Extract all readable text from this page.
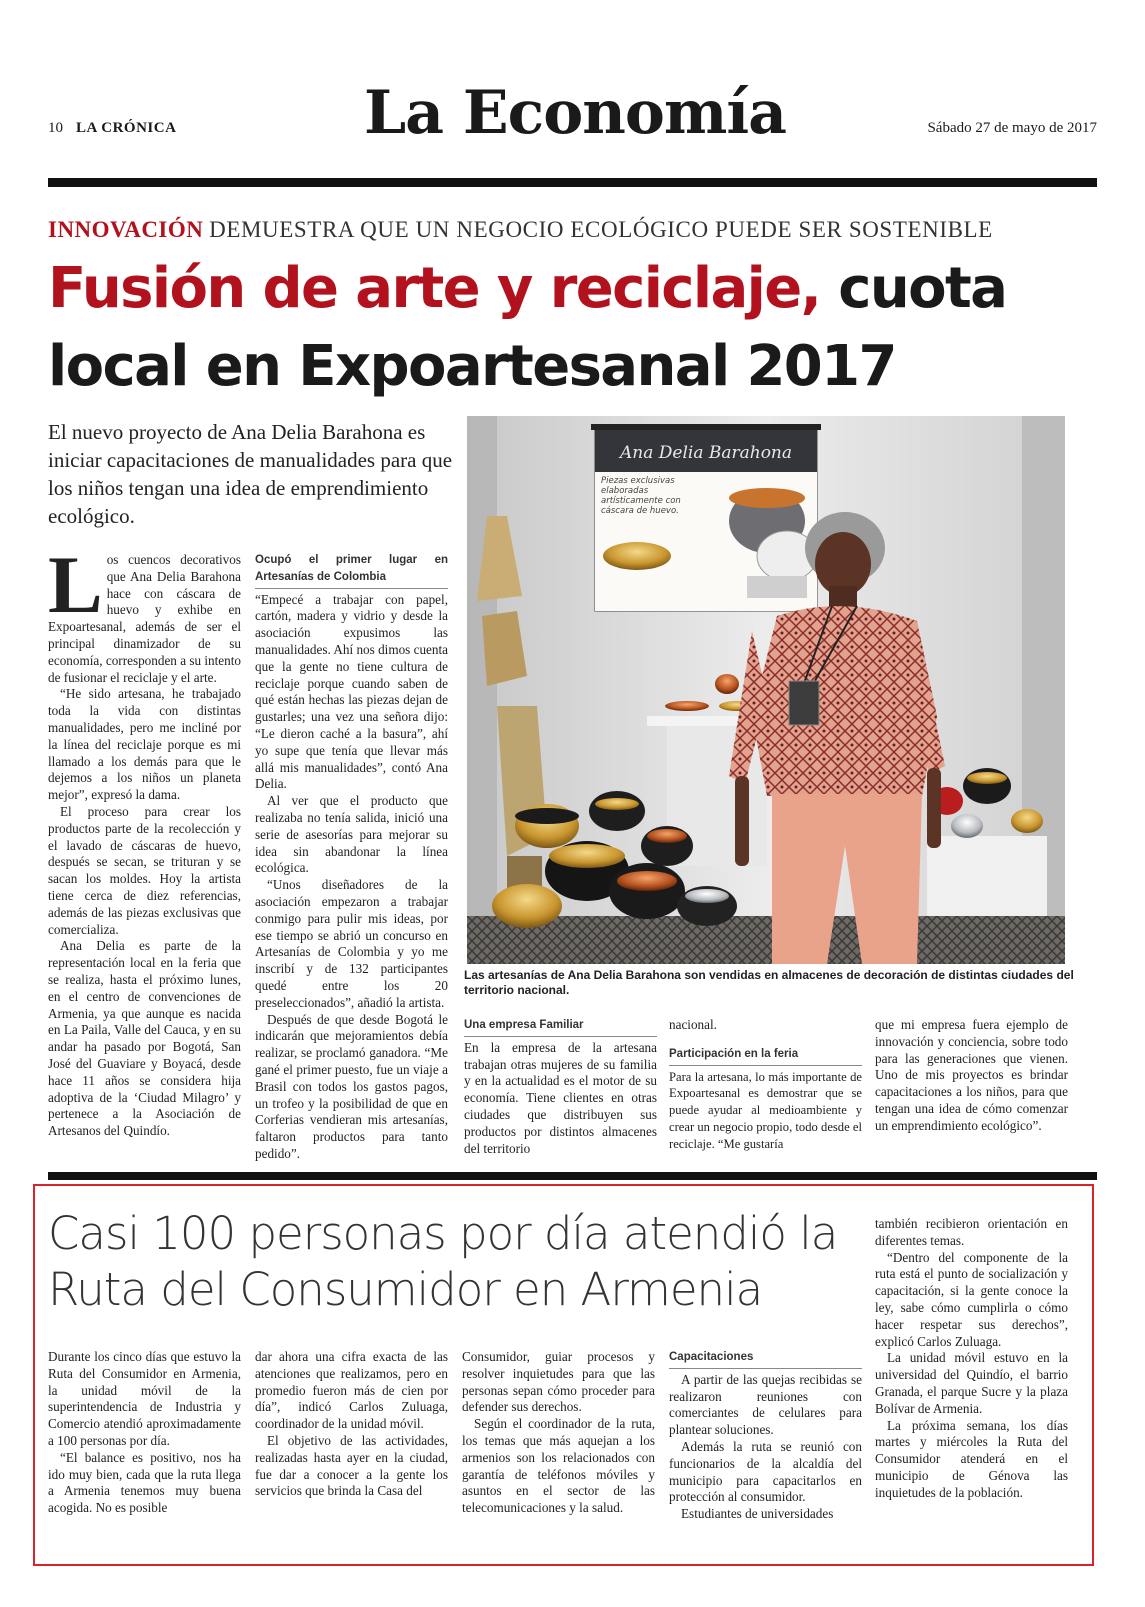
10 LA CRÓNICA	La Economía	Sábado 27 de mayo de 2017
INNOVACIÓN DEMUESTRA QUE UN NEGOCIO ECOLÓGICO PUEDE SER SOSTENIBLE
Fusión de arte y reciclaje, cuota
local en Expoartesanal 2017
El nuevo proyecto de Ana Delia Barahona es iniciar capacitaciones de manualidades para que los niños tengan una idea de emprendimiento ecológico.

Los cuencos decorativos que Ana Delia Barahona hace con cáscara de huevo y exhibe en Expoartesanal, además de ser el principal dinamizador de su economía, corresponden a su intento de fusionar el reciclaje y el arte.

“He sido artesana, he trabajado toda la vida con distintas manualidades, pero me incliné por la línea del reciclaje porque es mi llamado a los demás para que le dejemos a los niños un planeta mejor”, expresó la dama.

El proceso para crear los productos parte de la recolección y el lavado de cáscaras de huevo, después se secan, se trituran y se sacan los moldes. Hoy la artista tiene cerca de diez referencias, además de las piezas exclusivas que comercializa.

Ana Delia es parte de la representación local en la feria que se realiza, hasta el próximo lunes, en el centro de convenciones de Armenia, ya que aunque es nacida en La Paila, Valle del Cauca, y en su andar ha pasado por Bogotá, San José del Guaviare y Boyacá, desde hace 11 años se considera hija adoptiva de la ‘Ciudad Milagro’ y pertenece a la Asociación de Artesanos del Quindío.

Ocupó el primer lugar en Artesanías de Colombia

“Empecé a trabajar con papel, cartón, madera y vidrio y desde la asociación expusimos las manualidades. Ahí nos dimos cuenta que la gente no tiene cultura de reciclaje porque cuando saben de qué están hechas las piezas dejan de gustarles; una vez una señora dijo: “Le dieron caché a la basura”, ahí yo supe que tenía que llevar más allá mis manualidades”, contó Ana Delia.

Al ver que el producto que realizaba no tenía salida, inició una serie de asesorías para mejorar su idea sin abandonar la línea ecológica.

“Unos diseñadores de la asociación empezaron a trabajar conmigo para pulir mis ideas, por ese tiempo se abrió un concurso en Artesanías de Colombia y yo me inscribí y de 132 participantes quedé entre los 20 preseleccionados”, añadió la artista.

Después de que desde Bogotá le indicarán que mejoramientos debía realizar, se proclamó ganadora. “Me gané el primer puesto, fue un viaje a Brasil con todos los gastos pagos, un trofeo y la posibilidad de que en Corferias vendieran mis artesanías, faltaron productos para tanto pedido”.

Ana Delia Barahona
Piezas exclusivas elaboradas artísticamente con cáscara de huevo.
Las artesanías de Ana Delia Barahona son vendidas en almacenes de decoración de distintas ciudades del territorio nacional.
Una empresa Familiar

En la empresa de la artesana trabajan otras mujeres de su familia y en la actualidad es el motor de su economía. Tiene clientes en otras ciudades que distribuyen sus productos por distintos almacenes del territorio

nacional.

Participación en la feria

Para la artesana, lo más importante de Expoartesanal es demostrar que se puede ayudar al medioambiente y crear un negocio propio, todo desde el reciclaje. “Me gustaría

que mi empresa fuera ejemplo de innovación y conciencia, sobre todo para las generaciones que vienen. Uno de mis proyectos es brindar capacitaciones a los niños, para que tengan una idea de cómo comenzar un emprendimiento ecológico”.

Casi 100 personas por día atendió la Ruta del Consumidor en Armenia

Durante los cinco días que estuvo la Ruta del Consumidor en Armenia, la unidad móvil de la superintendencia de Industria y Comercio atendió aproximadamente a 100 personas por día.

“El balance es positivo, nos ha ido muy bien, cada que la ruta llega a Armenia tenemos muy buena acogida. No es posible

dar ahora una cifra exacta de las atenciones que realizamos, pero en promedio fueron más de cien por día”, indicó Carlos Zuluaga, coordinador de la unidad móvil.

El objetivo de las actividades, realizadas hasta ayer en la ciudad, fue dar a conocer a la gente los servicios que brinda la Casa del

Consumidor, guiar procesos y resolver inquietudes para que las personas sepan cómo proceder para defender sus derechos.

Según el coordinador de la ruta, los temas que más aquejan a los armenios son los relacionados con garantía de teléfonos móviles y asuntos en el sector de las telecomunicaciones y la salud.

Capacitaciones

A partir de las quejas recibidas se realizaron reuniones con comerciantes de celulares para plantear soluciones.

Además la ruta se reunió con funcionarios de la alcaldía del municipio para capacitarlos en protección al consumidor.

Estudiantes de universidades

también recibieron orientación en diferentes temas.

“Dentro del componente de la ruta está el punto de socialización y capacitación, si la gente conoce la ley, sabe cómo cumplirla o cómo hacer respetar sus derechos”, explicó Carlos Zuluaga.

La unidad móvil estuvo en la universidad del Quindío, el barrio Granada, el parque Sucre y la plaza Bolívar de Armenia.

La próxima semana, los días martes y miércoles la Ruta del Consumidor atenderá en el municipio de Génova las inquietudes de la población.
